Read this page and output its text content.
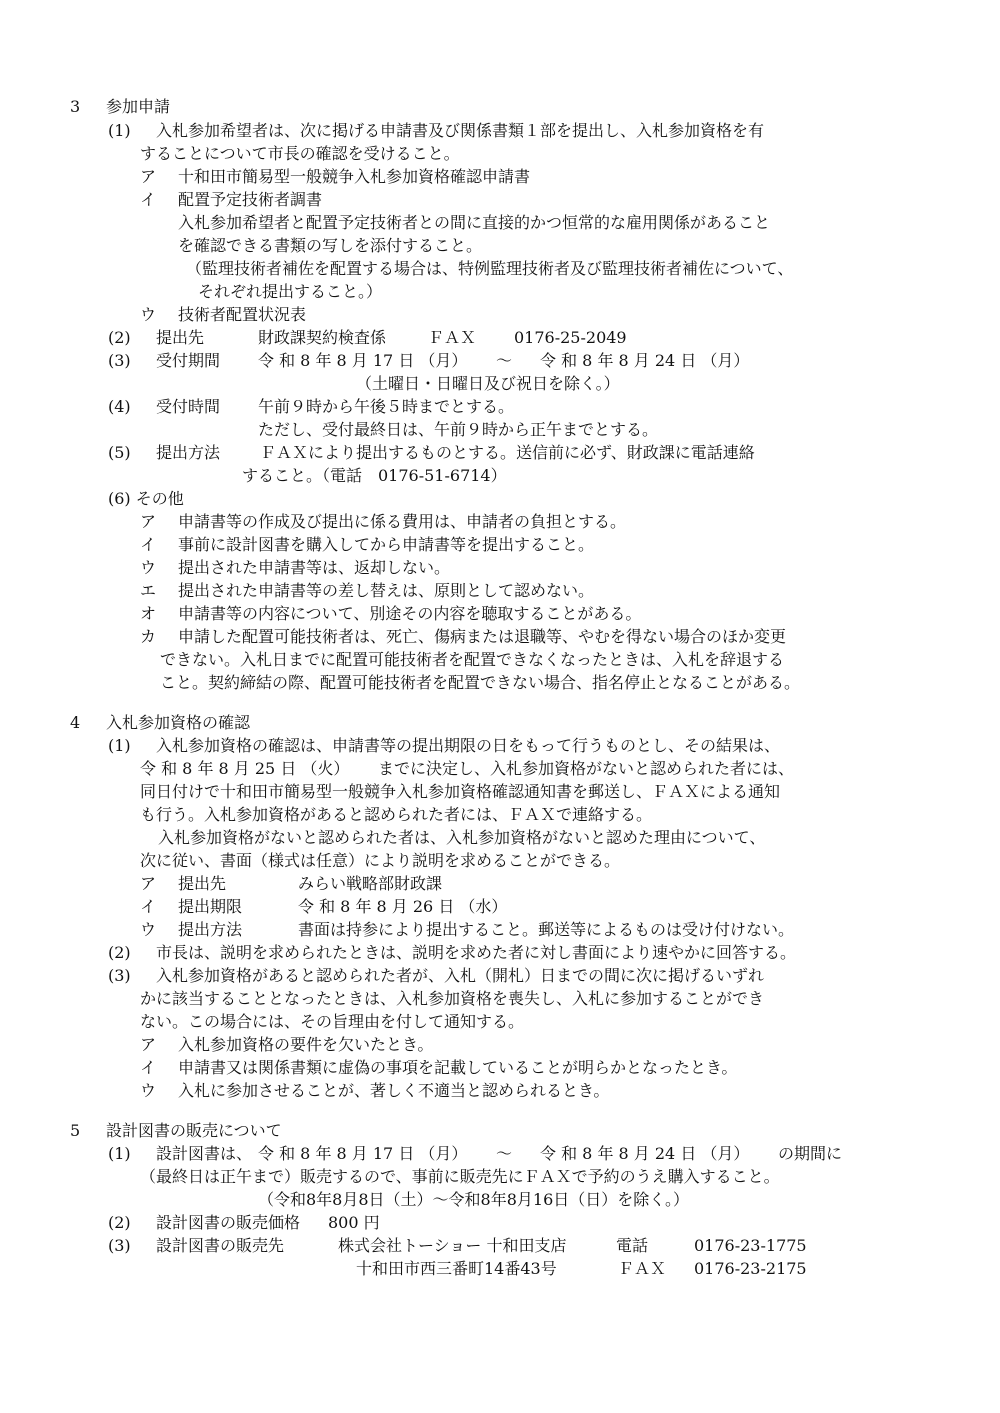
3 参加申請
(1) 入札参加希望者は、次に掲げる申請書及び関係書類１部を提出し、入札参加資格を有
することについて市長の確認を受けること。
ア 十和田市簡易型一般競争入札参加資格確認申請書
イ 配置予定技術者調書
入札参加希望者と配置予定技術者との間に直接的かつ恒常的な雇用関係があること
を確認できる書類の写しを添付すること。
（監理技術者補佐を配置する場合は、特例監理技術者及び監理技術者補佐について、
それぞれ提出すること。）
ウ 技術者配置状況表
(2) 提出先	財政課契約検査係	ＦＡＸ 0176-25-2049
(3) 受付期間 令 和 8 年 8 月 17 日 （月） ～ 令 和 8 年 8 月 24 日 （月）
（土曜日・日曜日及び祝日を除く。）
(4) 受付時間 午前９時から午後５時までとする。
ただし、受付最終日は、午前９時から正午までとする。
(5) 提出方法 ＦＡＸにより提出するものとする。送信前に必ず、財政課に電話連絡
すること。（電話　0176-51-6714）
(6) その他
ア 申請書等の作成及び提出に係る費用は、申請者の負担とする。
イ 事前に設計図書を購入してから申請書等を提出すること。
ウ 提出された申請書等は、返却しない。
エ 提出された申請書等の差し替えは、原則として認めない。
オ 申請書等の内容について、別途その内容を聴取することがある。
カ 申請した配置可能技術者は、死亡、傷病または退職等、やむを得ない場合のほか変更
できない。入札日までに配置可能技術者を配置できなくなったときは、入札を辞退する
こと。契約締結の際、配置可能技術者を配置できない場合、指名停止となることがある。
4 入札参加資格の確認
(1) 入札参加資格の確認は、申請書等の提出期限の日をもって行うものとし、その結果は、
令 和 8 年 8 月 25 日 （火） までに決定し、入札参加資格がないと認められた者には、
同日付けで十和田市簡易型一般競争入札参加資格確認通知書を郵送し、ＦＡＸによる通知
も行う。入札参加資格があると認められた者には、ＦＡＸで連絡する。
入札参加資格がないと認められた者は、入札参加資格がないと認めた理由について、
次に従い、書面（様式は任意）により説明を求めることができる。
ア 提出先	みらい戦略部財政課
イ 提出期限	令 和 8 年 8 月 26 日 （水）
ウ 提出方法	書面は持参により提出すること。郵送等によるものは受け付けない。
(2) 市長は、説明を求められたときは、説明を求めた者に対し書面により速やかに回答する。
(3) 入札参加資格があると認められた者が、入札（開札）日までの間に次に掲げるいずれ
かに該当することとなったときは、入札参加資格を喪失し、入札に参加することができ
ない。この場合には、その旨理由を付して通知する。
ア 入札参加資格の要件を欠いたとき。
イ 申請書又は関係書類に虚偽の事項を記載していることが明らかとなったとき。
ウ 入札に参加させることが、著しく不適当と認められるとき。
5 設計図書の販売について
(1) 設計図書は、 令 和 8 年 8 月 17 日 （月） ～ 令 和 8 年 8 月 24 日 （月） の期間に
（最終日は正午まで）販売するので、事前に販売先にＦＡＸで予約のうえ購入すること。
（令和8年8月8日（土）～令和8年8月16日（日）を除く。）
(2) 設計図書の販売価格 800 円
(3) 設計図書の販売先	株式会社トーショー 十和田支店	電話	0176-23-1775
十和田市西三番町14番43号	ＦＡＸ 0176-23-2175
